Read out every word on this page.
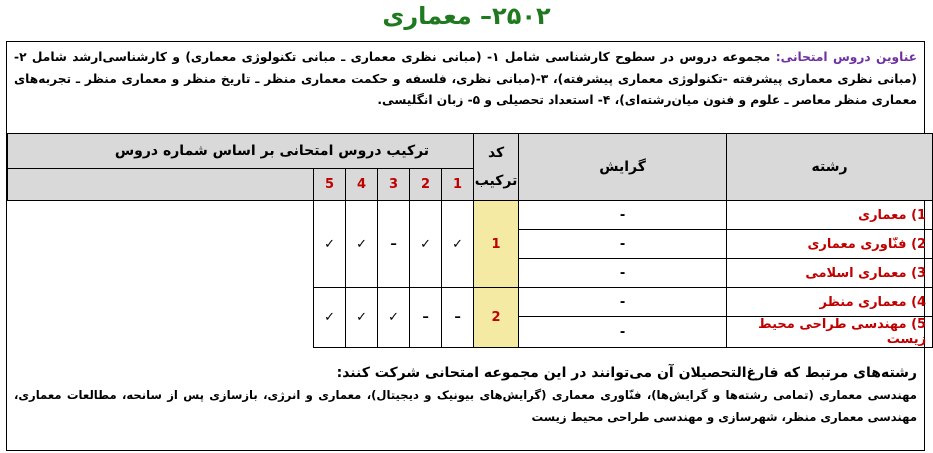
۲۵۰۲– معماری
عناوین دروس امتحانی: مجموعه دروس در سطوح کارشناسی شامل ۱- (مبانی نظری معماری ـ مبانی تکنولوژی معماری) و کارشناسی‌ارشد شامل ۲-(مبانی نظری معماری پیشرفته -تکنولوژی معماری پیشرفته)، ۳-(مبانی نظری، فلسفه و حکمت معماری منظر ـ تاریخ منظر و معماری منظر ـ تجربه‌های معماری منظر معاصر ـ علوم و فنون میان‌رشته‌ای)، ۴- استعداد تحصیلی و ۵- زبان انگلیسی.
رشته	گرایش	کد ترکیب	ترکیب دروس امتحانی بر اساس شماره دروس					
			1	2	3	4	5	
1) معماری	-	1	✓	✓	–	✓	✓	
2) فنّاوری معماری	-							
3) معماری اسلامی	-							
4) معماری منظر	-	2	–	–	✓	✓	✓	
5) مهندسی طراحی محیط زیست	-							
رشته‌های مرتبط که فارغ‌التحصیلان آن می‌توانند در این مجموعه امتحانی شرکت کنند:
مهندسی معماری (تمامی رشته‌ها و گرایش‌ها)، فنّاوری معماری (گرایش‌های بیونیک و دیجیتال)، معماری و انرژی، بازسازی پس از سانحه، مطالعات معماری، مهندسی معماری منظر، شهرسازی و مهندسی طراحی محیط زیست
